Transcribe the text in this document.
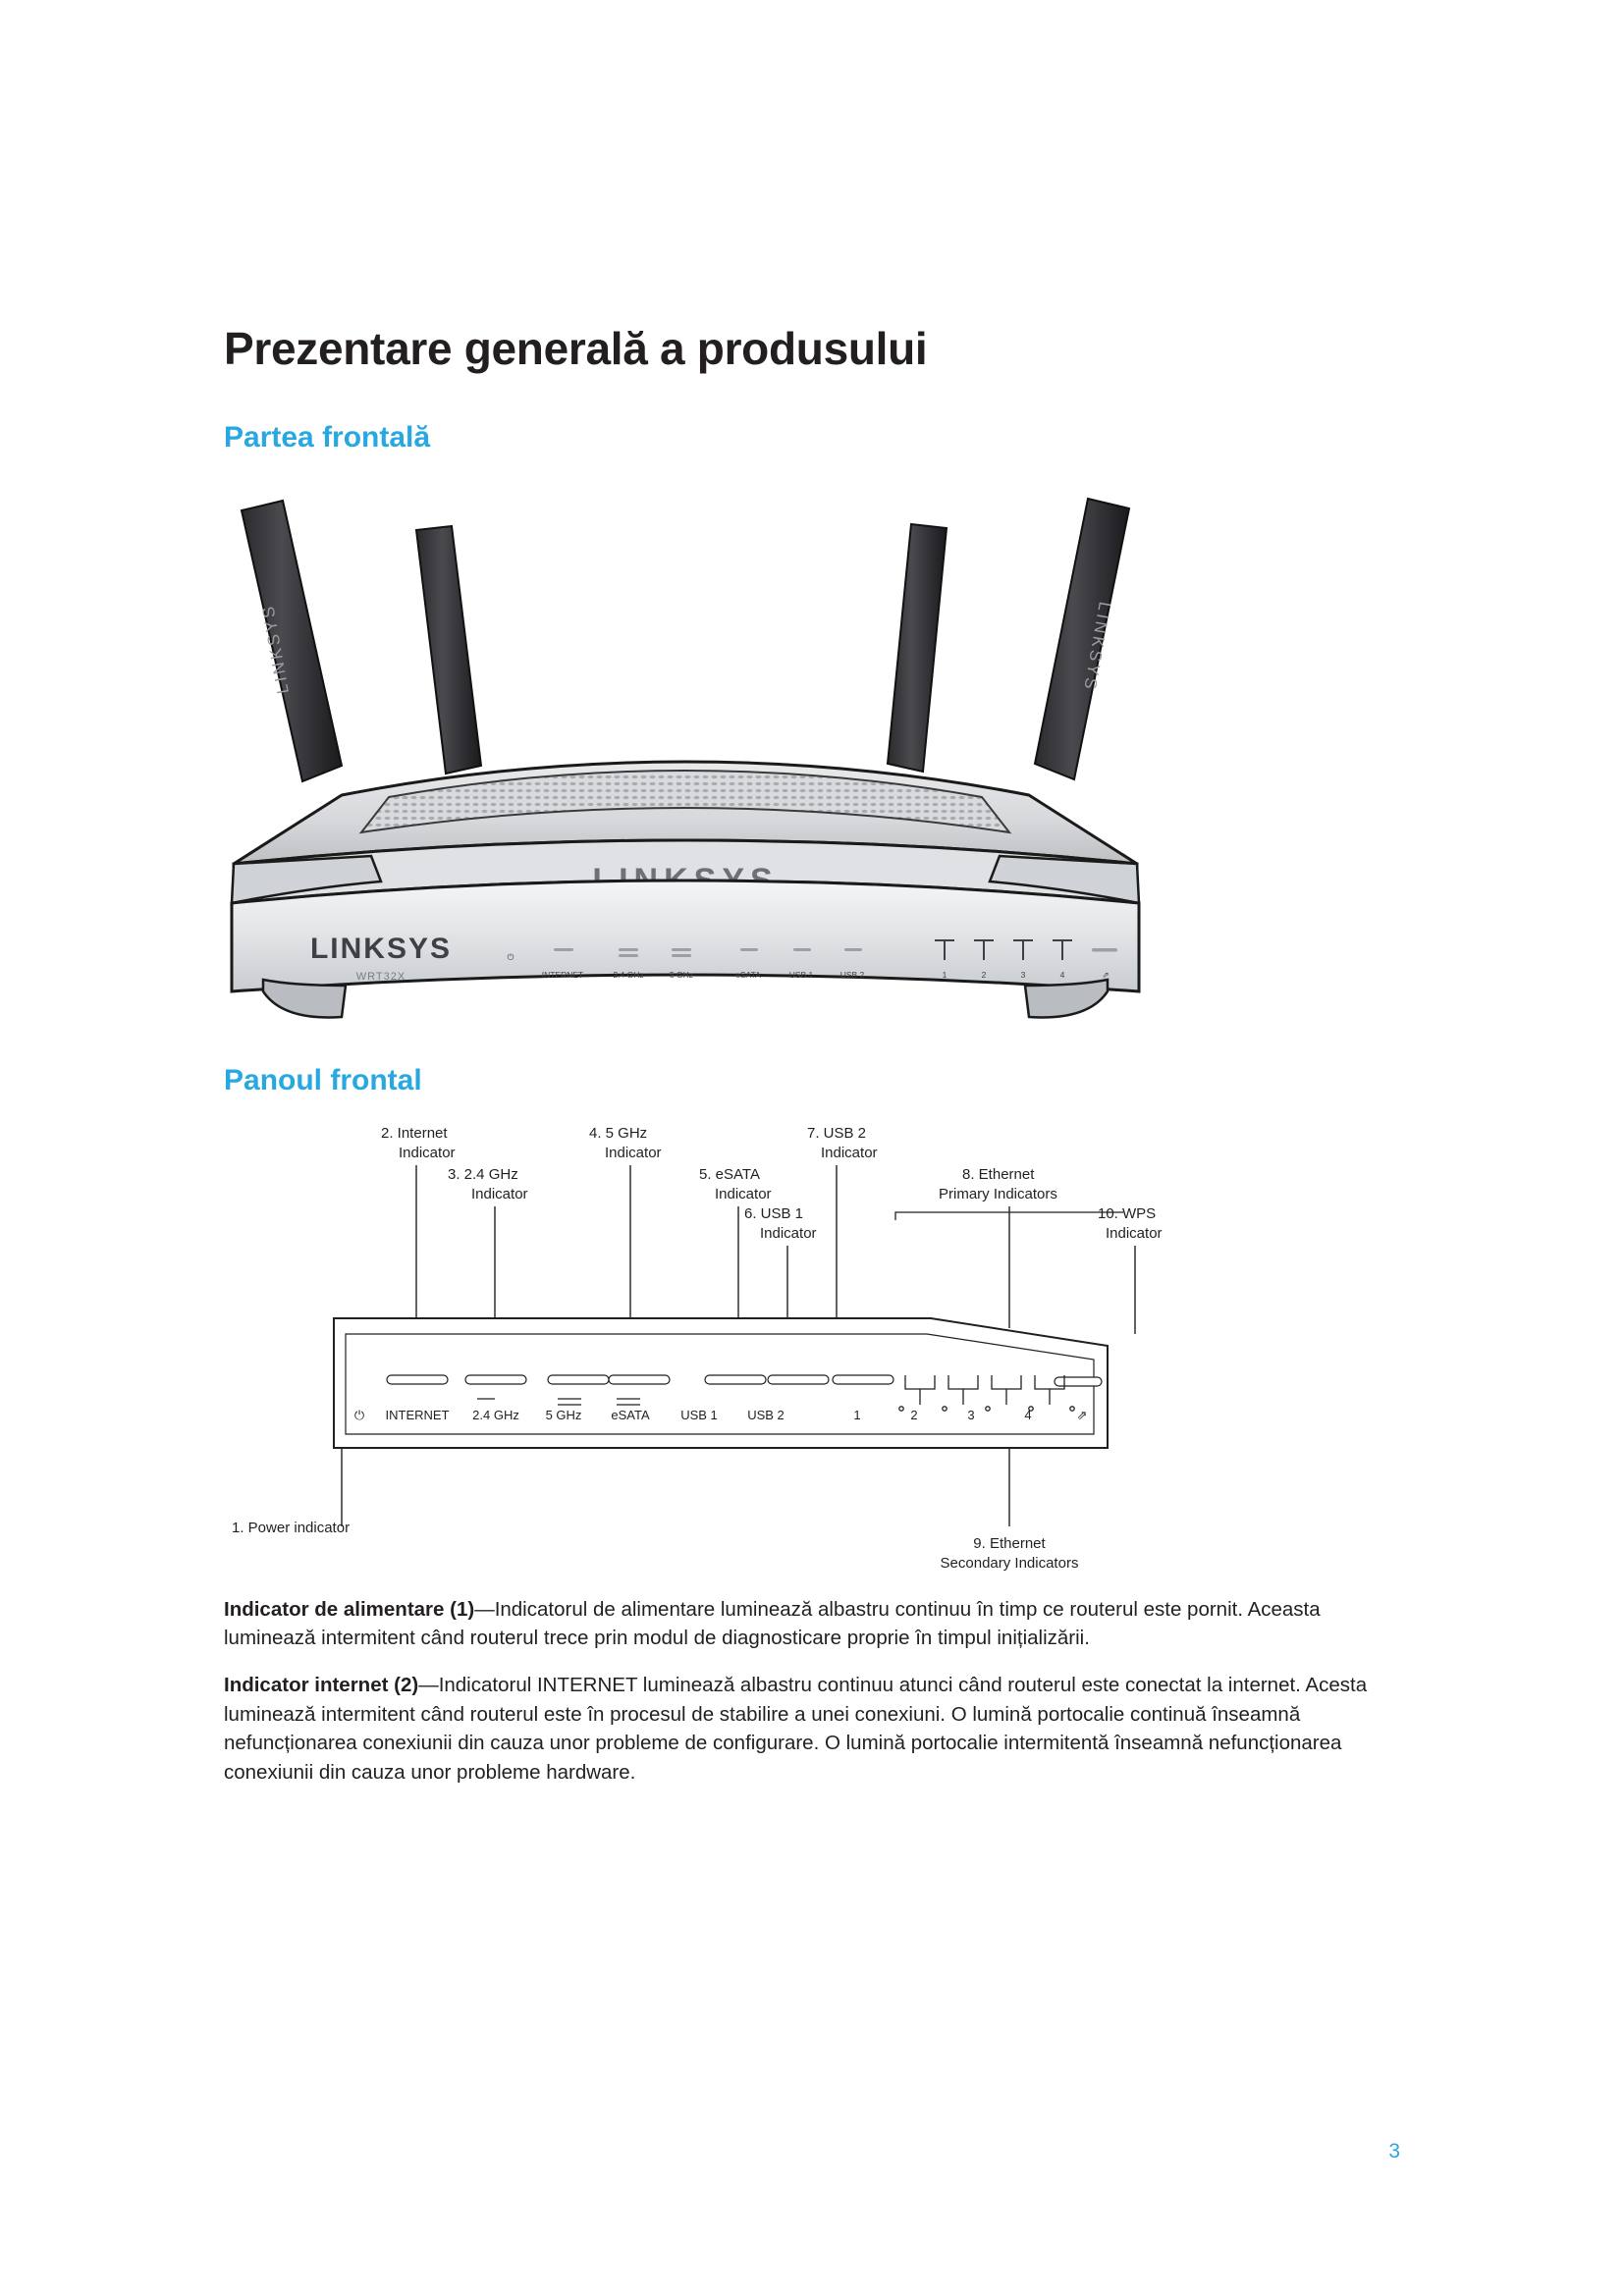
Prezentare generală a produsului
Partea frontală
LINKSYS	LINKSYS
LINKSYS
WRT32X
⏻

INTERNET	2.4 GHz	5 GHz	eSATA	USB 1	USB 2	1	2	3	4	⇗
Panoul frontal
2. Internet
Indicator
3. 2.4 GHz
Indicator
4. 5 GHz
Indicator
5. eSATA
Indicator
6. USB 1
Indicator
7. USB 2
Indicator
8. Ethernet
Primary Indicators
10. WPS
Indicator
⏻ INTERNET 2.4 GHz 5 GHz eSATA USB 1 USB 2	1	2	3	4	⇗
1. Power indicator
9. Ethernet
Secondary Indicators

Indicator de alimentare (1)—Indicatorul de alimentare luminează albastru continuu în timp ce routerul este pornit. Aceasta luminează intermitent când routerul trece prin modul de diagnosticare proprie în timpul inițializării.

Indicator internet (2)—Indicatorul INTERNET luminează albastru continuu atunci când routerul este conectat la internet. Acesta luminează intermitent când routerul este în procesul de stabilire a unei conexiuni. O lumină portocalie continuă înseamnă nefuncționarea conexiunii din cauza unor probleme de configurare. O lumină portocalie intermitentă înseamnă nefuncționarea conexiunii din cauza unor probleme hardware.

3
